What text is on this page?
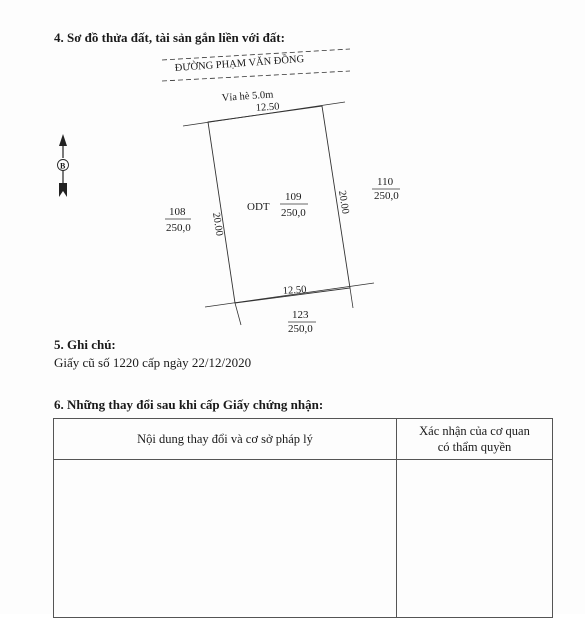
4. Sơ đồ thửa đất, tài sản gắn liền với đất:
ĐƯỜNG PHẠM VĂN ĐỒNG
Vỉa hè 5.0m
12.50
12.50
20.00
20.00
ODT
109
250,0
108
250,0
110
250,0
123
250,0
B
5. Ghi chú:
Giấy cũ số 1220 cấp ngày 22/12/2020
6. Những thay đổi sau khi cấp Giấy chứng nhận:
Nội dung thay đổi và cơ sở pháp lý
Xác nhận của cơ quan
có thẩm quyền
